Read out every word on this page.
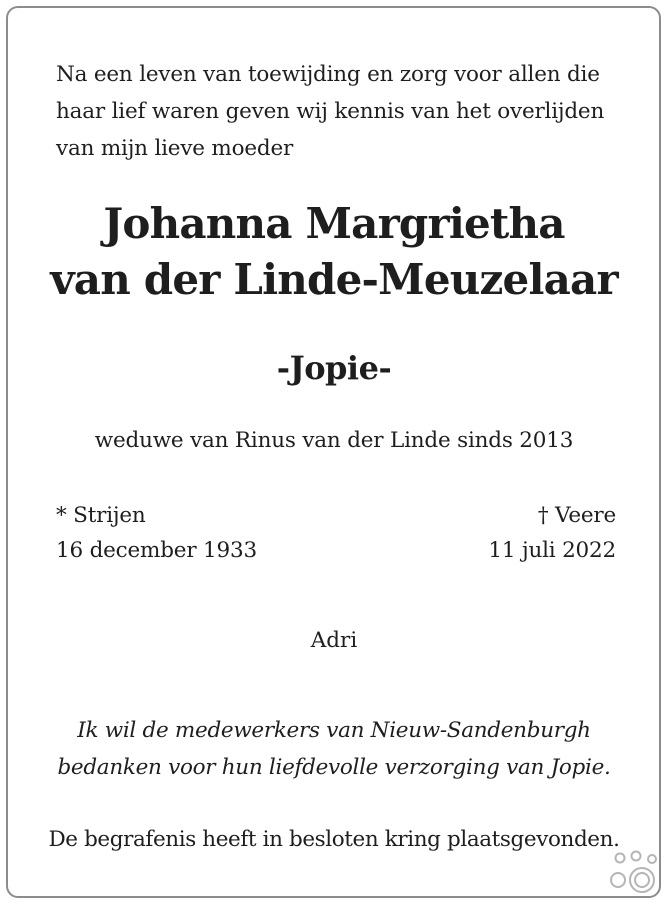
Na een leven van toewijding en zorg voor allen die
haar lief waren geven wij kennis van het overlijden
van mijn lieve moeder
Johanna Margrietha
van der Linde-Meuzelaar
-Jopie-
weduwe van Rinus van der Linde sinds 2013
* Strijen
16 december 1933
† Veere
11 juli 2022
Adri
Ik wil de medewerkers van Nieuw-Sandenburgh
bedanken voor hun liefdevolle verzorging van Jopie.
De begrafenis heeft in besloten kring plaatsgevonden.
